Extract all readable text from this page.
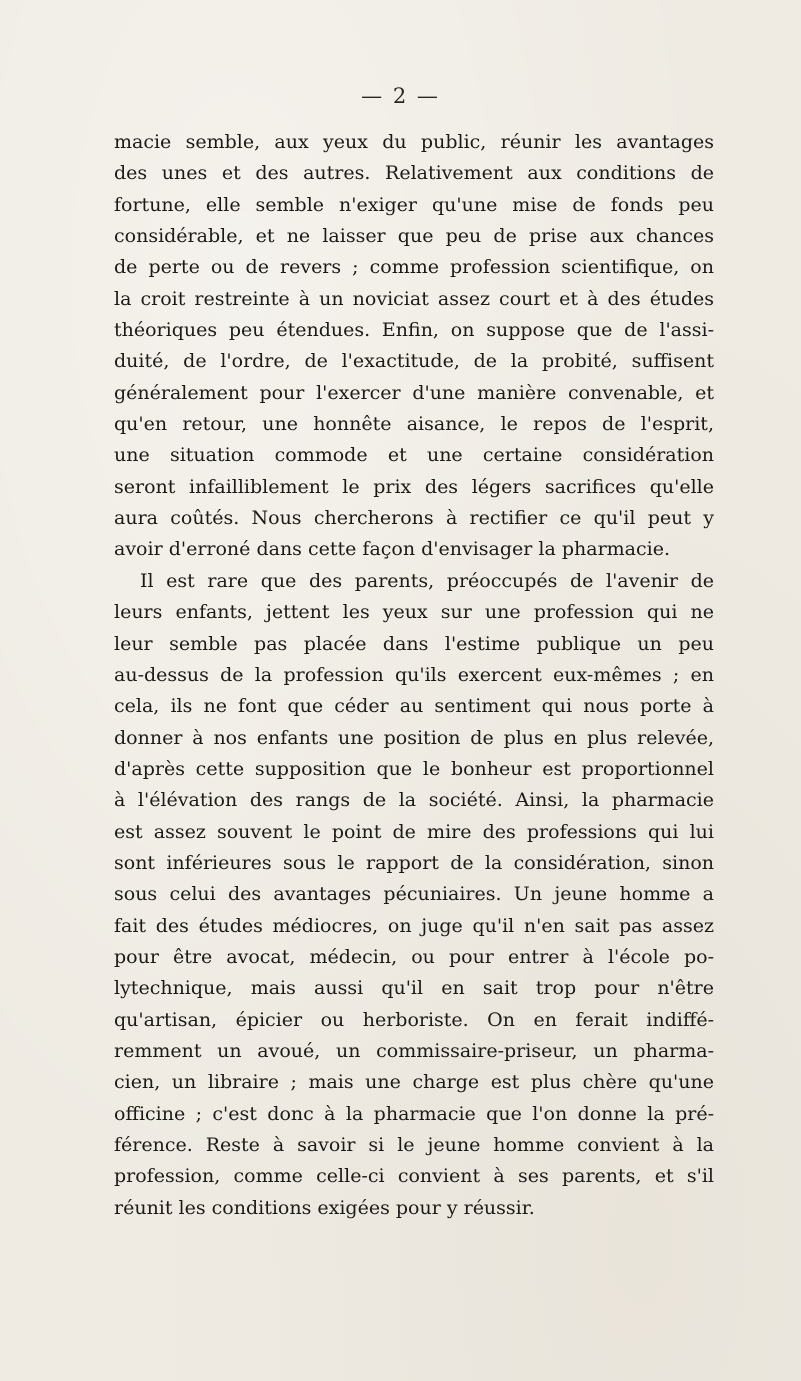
— 2 —
macie semble, aux yeux du public, réunir les avantages
des unes et des autres. Relativement aux conditions de
fortune, elle semble n'exiger qu'une mise de fonds peu
considérable, et ne laisser que peu de prise aux chances
de perte ou de revers ; comme profession scientifique, on
la croit restreinte à un noviciat assez court et à des études
théoriques peu étendues. Enfin, on suppose que de l'assi-
duité, de l'ordre, de l'exactitude, de la probité, suffisent
généralement pour l'exercer d'une manière convenable, et
qu'en retour, une honnête aisance, le repos de l'esprit,
une situation commode et une certaine considération
seront infailliblement le prix des légers sacrifices qu'elle
aura coûtés. Nous chercherons à rectifier ce qu'il peut y
avoir d'erroné dans cette façon d'envisager la pharmacie.
Il est rare que des parents, préoccupés de l'avenir de
leurs enfants, jettent les yeux sur une profession qui ne
leur semble pas placée dans l'estime publique un peu
au-dessus de la profession qu'ils exercent eux-mêmes ; en
cela, ils ne font que céder au sentiment qui nous porte à
donner à nos enfants une position de plus en plus relevée,
d'après cette supposition que le bonheur est proportionnel
à l'élévation des rangs de la société. Ainsi, la pharmacie
est assez souvent le point de mire des professions qui lui
sont inférieures sous le rapport de la considération, sinon
sous celui des avantages pécuniaires. Un jeune homme a
fait des études médiocres, on juge qu'il n'en sait pas assez
pour être avocat, médecin, ou pour entrer à l'école po-
lytechnique, mais aussi qu'il en sait trop pour n'être
qu'artisan, épicier ou herboriste. On en ferait indiffé-
remment un avoué, un commissaire-priseur, un pharma-
cien, un libraire ; mais une charge est plus chère qu'une
officine ; c'est donc à la pharmacie que l'on donne la pré-
férence. Reste à savoir si le jeune homme convient à la
profession, comme celle-ci convient à ses parents, et s'il
réunit les conditions exigées pour y réussir.
